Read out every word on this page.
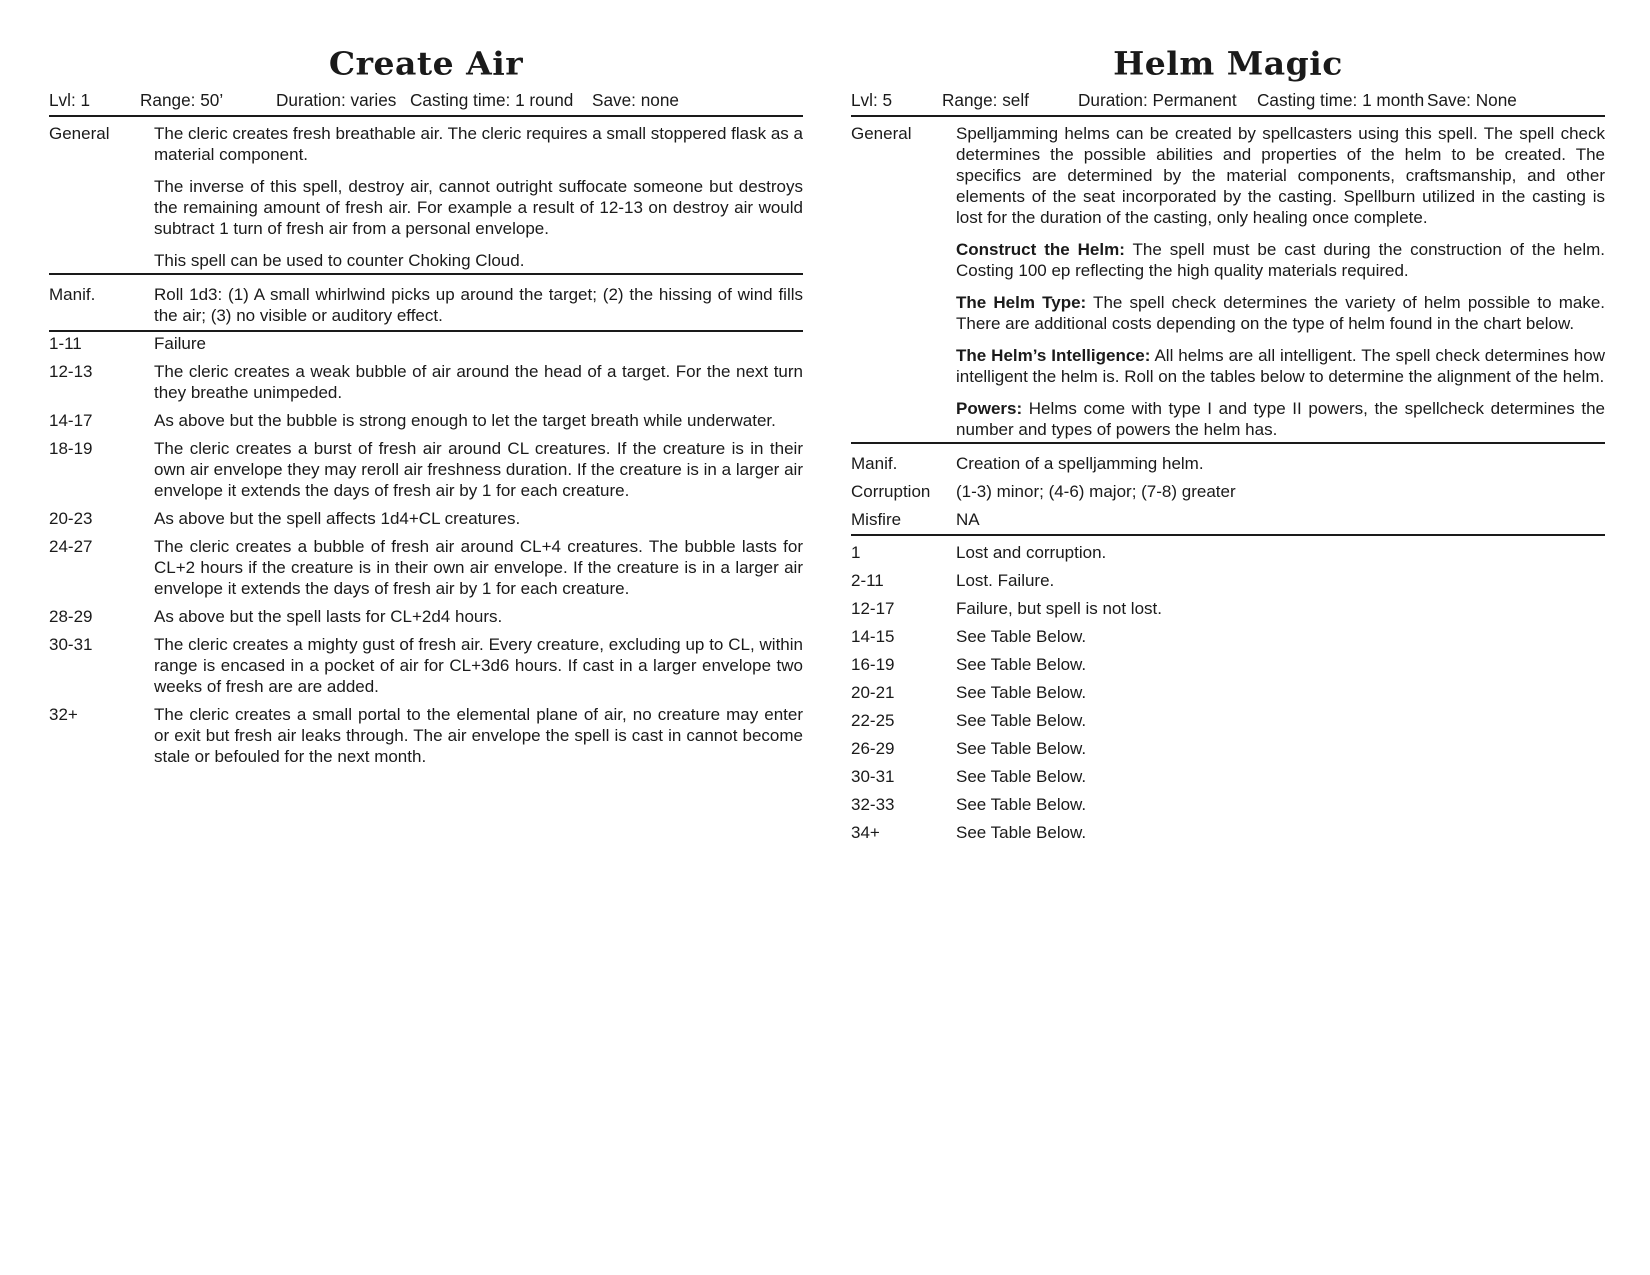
Create Air
Lvl: 1	Range: 50’	Duration: varies Casting time: 1 round Save: none
General	The cleric creates fresh breathable air. The cleric requires a small stoppered flask as a material component.
The inverse of this spell, destroy air, cannot outright suffocate someone but destroys the remaining amount of fresh air. For example a result of 12-13 on destroy air would subtract 1 turn of fresh air from a personal envelope.
This spell can be used to counter Choking Cloud.
Manif.	Roll 1d3: (1) A small whirlwind picks up around the target; (2) the hissing of wind fills the air; (3) no visible or auditory effect.
1-11	Failure
12-13	The cleric creates a weak bubble of air around the head of a target. For the next turn they breathe unimpeded.
14-17	As above but the bubble is strong enough to let the target breath while underwater.
18-19	The cleric creates a burst of fresh air around CL creatures. If the creature is in their own air envelope they may reroll air freshness duration. If the creature is in a larger air envelope it extends the days of fresh air by 1 for each creature.
20-23	As above but the spell affects 1d4+CL creatures.
24-27	The cleric creates a bubble of fresh air around CL+4 creatures. The bubble lasts for CL+2 hours if the creature is in their own air envelope. If the creature is in a larger air envelope it extends the days of fresh air by 1 for each creature.
28-29	As above but the spell lasts for CL+2d4 hours.
30-31	The cleric creates a mighty gust of fresh air. Every creature, excluding up to CL, within range is encased in a pocket of air for CL+3d6 hours. If cast in a larger envelope two weeks of fresh are are added.
32+	The cleric creates a small portal to the elemental plane of air, no creature may enter or exit but fresh air leaks through. The air envelope the spell is cast in cannot become stale or befouled for the next month.
Helm Magic
Lvl: 5	Range: self	Duration: Permanent Casting time: 1 month Save: None
General	Spelljamming helms can be created by spellcasters using this spell. The spell check determines the possible abilities and properties of the helm to be created. The specifics are determined by the material components, craftsmanship, and other elements of the seat incorporated by the casting. Spellburn utilized in the casting is lost for the duration of the casting, only healing once complete.
Construct the Helm: The spell must be cast during the construction of the helm. Costing 100 ep reflecting the high quality materials required.
The Helm Type: The spell check determines the variety of helm possible to make. There are additional costs depending on the type of helm found in the chart below.
The Helm’s Intelligence: All helms are all intelligent. The spell check determines how intelligent the helm is. Roll on the tables below to determine the alignment of the helm.
Powers: Helms come with type I and type II powers, the spellcheck determines the number and types of powers the helm has.
Manif.	Creation of a spelljamming helm.
Corruption	(1-3) minor; (4-6) major; (7-8) greater
Misfire	NA
1	Lost and corruption.
2-11	Lost. Failure.
12-17	Failure, but spell is not lost.
14-15	See Table Below.
16-19	See Table Below.
20-21	See Table Below.
22-25	See Table Below.
26-29	See Table Below.
30-31	See Table Below.
32-33	See Table Below.
34+	See Table Below.
